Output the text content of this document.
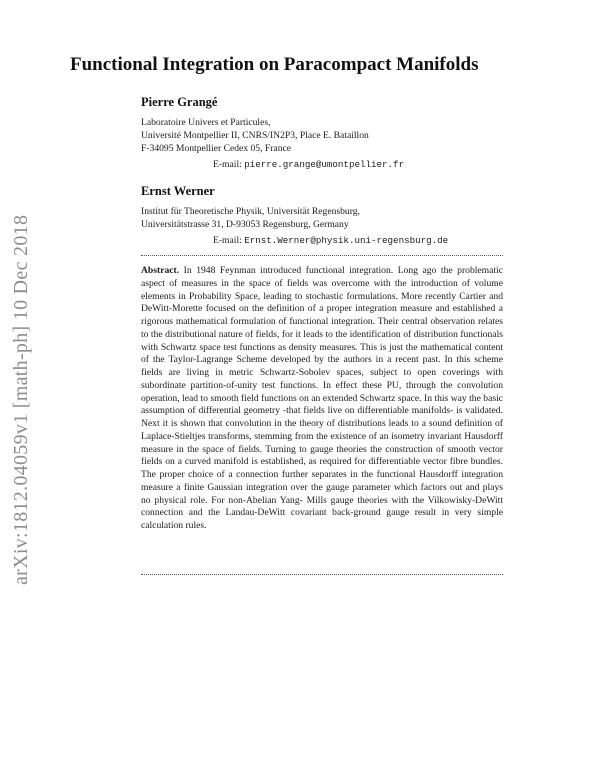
arXiv:1812.04059v1 [math-ph] 10 Dec 2018
Functional Integration on Paracompact Manifolds
Pierre Grangé
Laboratoire Univers et Particules,
Université Montpellier II, CNRS/IN2P3, Place E. Bataillon
F-34095 Montpellier Cedex 05, France
E-mail: pierre.grange@umontpellier.fr
Ernst Werner
Institut für Theoretische Physik, Universität Regensburg,
Universitätstrasse 31, D-93053 Regensburg, Germany
E-mail: Ernst.Werner@physik.uni-regensburg.de
Abstract. In 1948 Feynman introduced functional integration. Long ago the problematic aspect of measures in the space of fields was overcome with the introduction of volume elements in Probability Space, leading to stochastic formulations. More recently Cartier and DeWitt-Morette focused on the definition of a proper integration measure and established a rigorous mathematical formulation of functional integration. Their central observation relates to the distributional nature of fields, for it leads to the identification of distribution functionals with Schwartz space test functions as density measures. This is just the mathematical content of the Taylor-Lagrange Scheme developed by the authors in a recent past. In this scheme fields are living in metric Schwartz-Sobolev spaces, subject to open coverings with subordinate partition-of-unity test functions. In effect these PU, through the convolution operation, lead to smooth field functions on an extended Schwartz space. In this way the basic assumption of differential geometry -that fields live on differentiable manifolds- is validated. Next it is shown that convolution in the theory of distributions leads to a sound definition of Laplace-Stieltjes transforms, stemming from the existence of an isometry invariant Hausdorff measure in the space of fields. Turning to gauge theories the construction of smooth vector fields on a curved manifold is established, as required for differentiable vector fibre bundles. The proper choice of a connection further separates in the functional Hausdorff integration measure a finite Gaussian integration over the gauge parameter which factors out and plays no physical role. For non-Abelian Yang- Mills gauge theories with the Vilkowisky-DeWitt connection and the Landau-DeWitt covariant back-ground gauge result in very simple calculation rules.
